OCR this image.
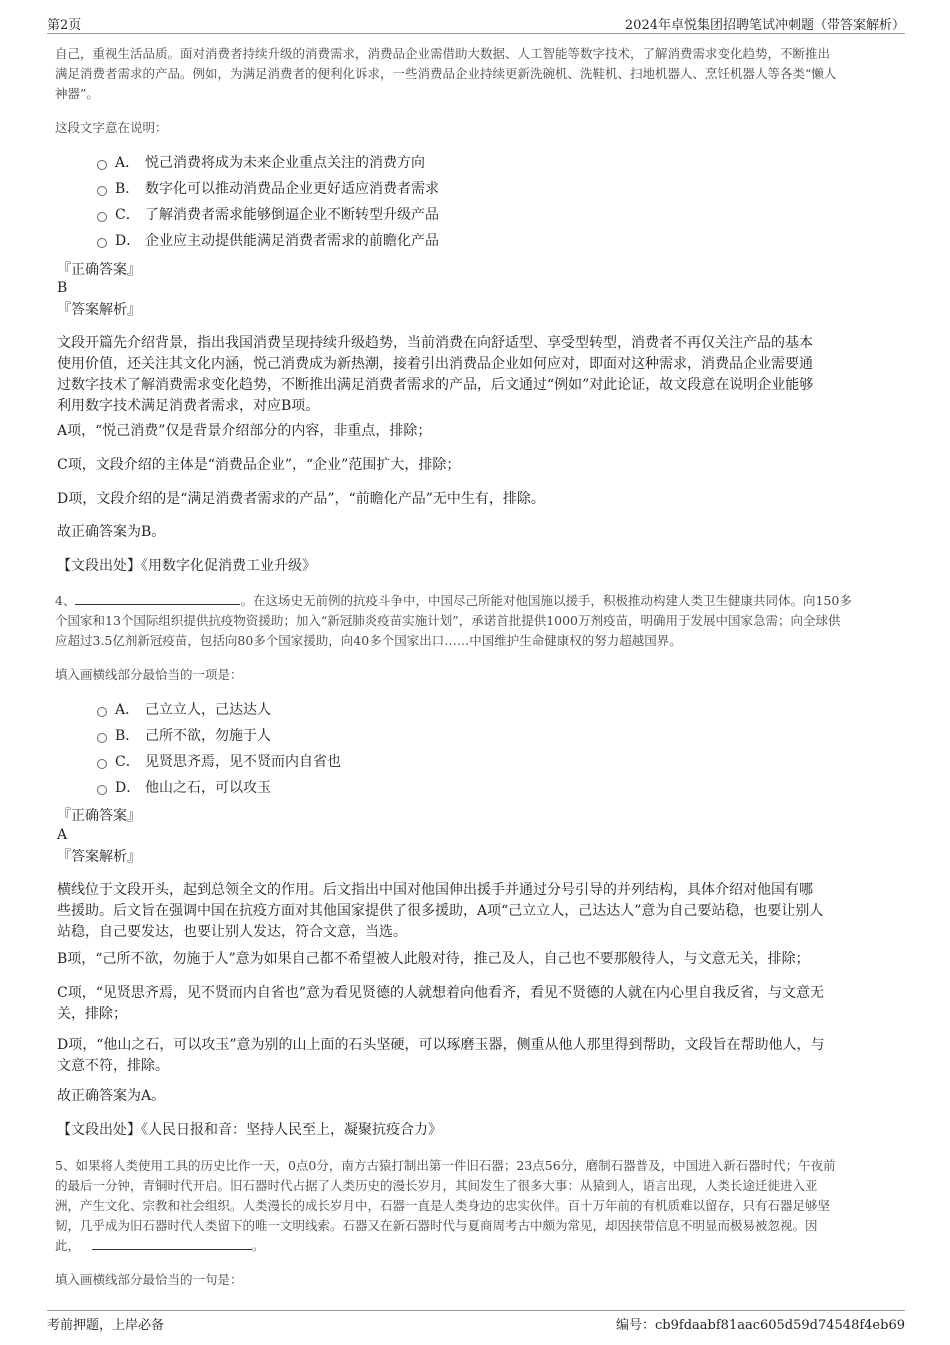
第2页	2024年卓悦集团招聘笔试冲刺题（带答案解析）
自己，重视生活品质。面对消费者持续升级的消费需求，消费品企业需借助大数据、人工智能等数字技术，了解消费需求变化趋势，不断推出
满足消费者需求的产品。例如，为满足消费者的便利化诉求，一些消费品企业持续更新洗碗机、洗鞋机、扫地机器人、烹饪机器人等各类“懒人
神器”。
这段文字意在说明：
A． 悦己消费将成为未来企业重点关注的消费方向
B． 数字化可以推动消费品企业更好适应消费者需求
C． 了解消费者需求能够倒逼企业不断转型升级产品
D． 企业应主动提供能满足消费者需求的前瞻化产品
『正确答案』
B
『答案解析』
文段开篇先介绍背景，指出我国消费呈现持续升级趋势，当前消费在向舒适型、享受型转型，消费者不再仅关注产品的基本
使用价值，还关注其文化内涵，悦己消费成为新热潮，接着引出消费品企业如何应对，即面对这种需求，消费品企业需要通
过数字技术了解消费需求变化趋势，不断推出满足消费者需求的产品，后文通过“例如”对此论证，故文段意在说明企业能够
利用数字技术满足消费者需求，对应B项。
A项，“悦己消费”仅是背景介绍部分的内容，非重点，排除；
C项，文段介绍的主体是“消费品企业”，“企业”范围扩大，排除；
D项，文段介绍的是“满足消费者需求的产品”，“前瞻化产品”无中生有，排除。
故正确答案为B。
【文段出处】《用数字化促消费工业升级》
4、	。在这场史无前例的抗疫斗争中，中国尽己所能对他国施以援手，积极推动构建人类卫生健康共同体。向150多
个国家和13个国际组织提供抗疫物资援助；加入“新冠肺炎疫苗实施计划”，承诺首批提供1000万剂疫苗，明确用于发展中国家急需；向全球供
应超过3.5亿剂新冠疫苗，包括向80多个国家援助，向40多个国家出口……中国维护生命健康权的努力超越国界。
填入画横线部分最恰当的一项是：
A． 己立立人，己达达人
B． 己所不欲，勿施于人
C． 见贤思齐焉，见不贤而内自省也
D． 他山之石，可以攻玉
『正确答案』
A
『答案解析』
横线位于文段开头，起到总领全文的作用。后文指出中国对他国伸出援手并通过分号引导的并列结构，具体介绍对他国有哪
些援助。后文旨在强调中国在抗疫方面对其他国家提供了很多援助，A项“己立立人，己达达人”意为自己要站稳，也要让别人
站稳，自己要发达，也要让别人发达，符合文意，当选。
B项，“己所不欲，勿施于人”意为如果自己都不希望被人此般对待，推己及人，自己也不要那般待人，与文意无关，排除；
C项，“见贤思齐焉，见不贤而内自省也”意为看见贤德的人就想着向他看齐，看见不贤德的人就在内心里自我反省，与文意无
关，排除；
D项，“他山之石，可以攻玉”意为别的山上面的石头坚硬，可以琢磨玉器，侧重从他人那里得到帮助，文段旨在帮助他人，与
文意不符，排除。
故正确答案为A。
【文段出处】《人民日报和音：坚持人民至上，凝聚抗疫合力》
5、如果将人类使用工具的历史比作一天，0点0分，南方古猿打制出第一件旧石器；23点56分，磨制石器普及，中国进入新石器时代；午夜前
的最后一分钟，青铜时代开启。旧石器时代占据了人类历史的漫长岁月，其间发生了很多大事：从猿到人，语言出现，人类长途迁徙进入亚
洲，产生文化、宗教和社会组织。人类漫长的成长岁月中，石器一直是人类身边的忠实伙伴。百十万年前的有机质难以留存，只有石器足够坚
韧，几乎成为旧石器时代人类留下的唯一文明线索。石器又在新石器时代与夏商周考古中颇为常见，却因挟带信息不明显而极易被忽视。因
此，	。
填入画横线部分最恰当的一句是：
考前押题，上岸必备	编号：cb9fdaabf81aac605d59d74548f4eb69
